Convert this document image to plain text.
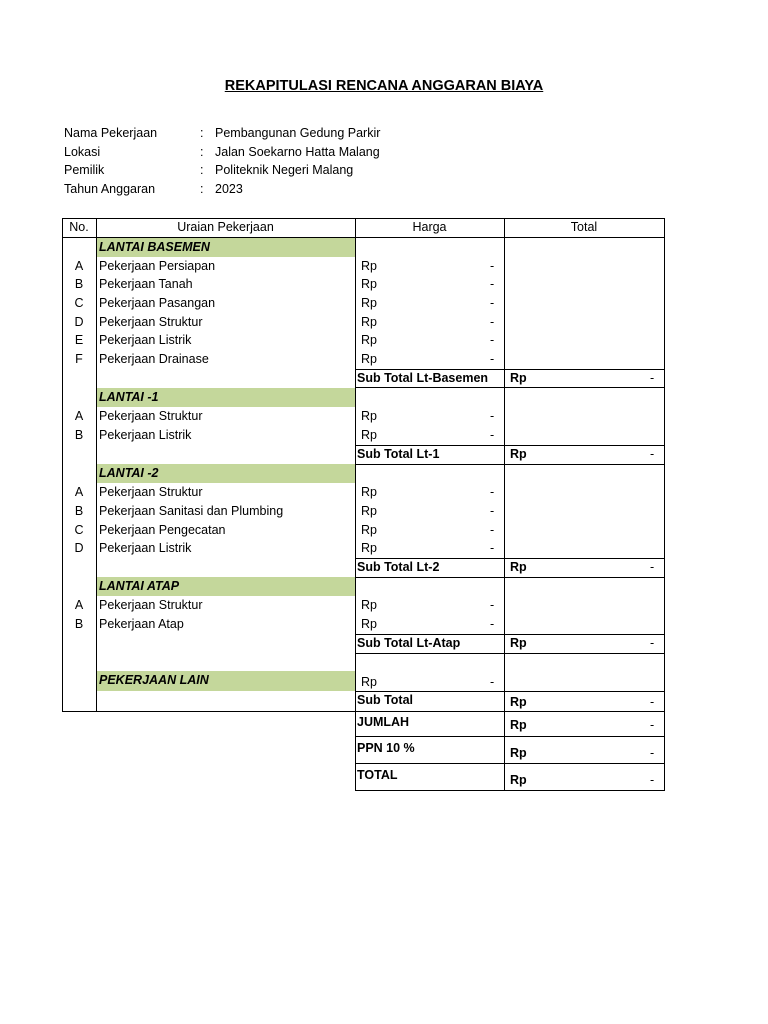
REKAPITULASI RENCANA ANGGARAN BIAYA
Nama Pekerjaan	: Pembangunan Gedung Parkir
Lokasi	: Jalan Soekarno Hatta Malang
Pemilik	: Politeknik Negeri Malang
Tahun Anggaran	: 2023
No.	Uraian Pekerjaan	Harga	Total
LANTAI BASEMEN
A	Pekerjaan Persiapan	Rp	-
B	Pekerjaan Tanah	Rp	-
C	Pekerjaan Pasangan	Rp	-
D	Pekerjaan Struktur	Rp	-
E	Pekerjaan Listrik	Rp	-
F	Pekerjaan Drainase	Rp	-
Sub Total Lt-Basemen Rp	-
LANTAI -1
A	Pekerjaan Struktur	Rp	-
B	Pekerjaan Listrik	Rp	-
Sub Total Lt-1	Rp	-
LANTAI -2
A	Pekerjaan Struktur	Rp	-
B	Pekerjaan Sanitasi dan Plumbing	Rp	-
C	Pekerjaan Pengecatan	Rp	-
D	Pekerjaan Listrik	Rp	-
Sub Total Lt-2	Rp	-
LANTAI ATAP
A	Pekerjaan Struktur	Rp	-
B	Pekerjaan Atap	Rp	-
Sub Total Lt-Atap	Rp	-
PEKERJAAN LAIN	Rp	-
Sub Total	Rp	-
JUMLAH	Rp	-
PPN 10 %	Rp	-
TOTAL	Rp	-
